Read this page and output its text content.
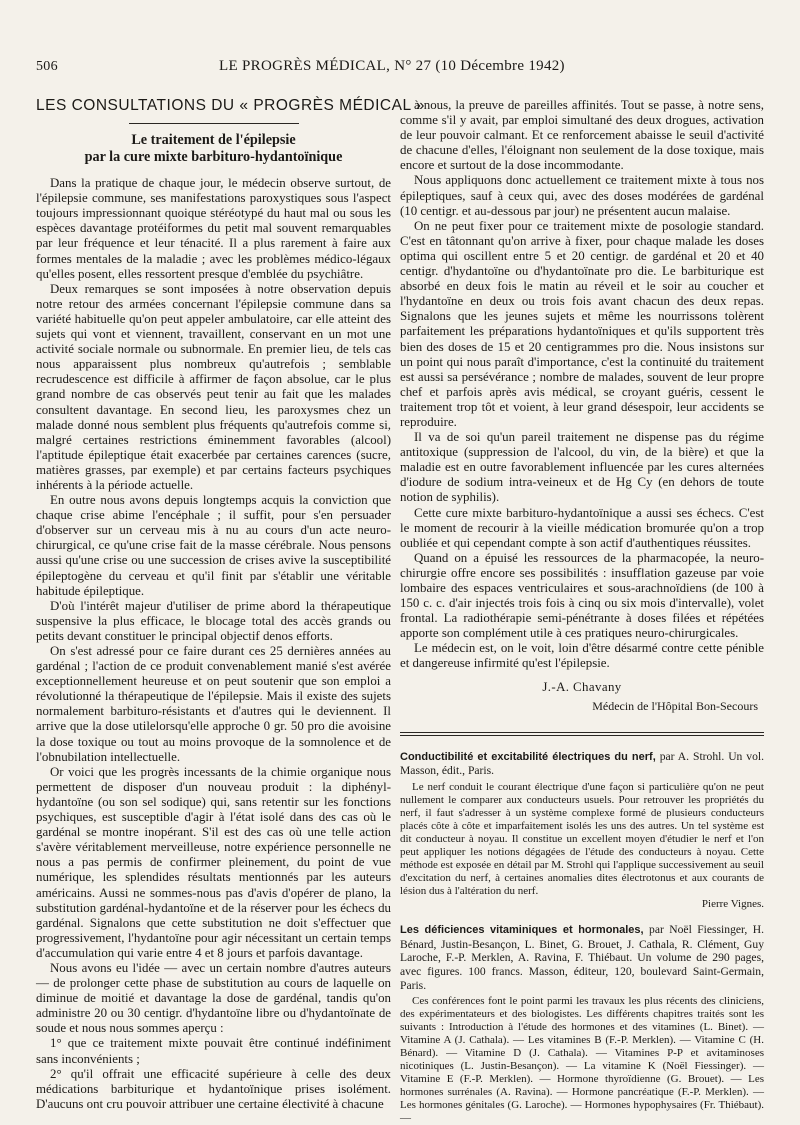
506	LE PROGRÈS MÉDICAL, N° 27 (10 Décembre 1942)
LES CONSULTATIONS DU « PROGRÈS MÉDICAL »
Le traitement de l'épilepsie
par la cure mixte barbituro-hydantoïnique

Dans la pratique de chaque jour, le médecin observe surtout, de l'épilepsie commune, ses manifestations paroxystiques sous l'aspect toujours impressionnant quoique stéréotypé du haut mal ou sous les espèces davantage protéiformes du petit mal souvent remarquables par leur fréquence et leur ténacité. Il a plus rarement à faire aux formes mentales de la maladie ; avec les problèmes médico-légaux qu'elles posent, elles ressortent presque d'emblée du psychiâtre.

Deux remarques se sont imposées à notre observation depuis notre retour des armées concernant l'épilepsie commune dans sa variété habituelle qu'on peut appeler ambulatoire, car elle atteint des sujets qui vont et viennent, travaillent, conservant en un mot une activité sociale normale ou subnormale. En premier lieu, de tels cas nous apparaissent plus nombreux qu'autrefois ; semblable recrudescence est difficile à affirmer de façon absolue, car le plus grand nombre de cas observés peut tenir au fait que les malades consultent davantage. En second lieu, les paroxysmes chez un malade donné nous semblent plus fréquents qu'autrefois comme si, malgré certaines restrictions éminemment favorables (alcool) l'aptitude épileptique était exacerbée par certaines carences (sucre, matières grasses, par exemple) et par certains facteurs psychiques inhérents à la période actuelle.

En outre nous avons depuis longtemps acquis la conviction que chaque crise abime l'encéphale ; il suffit, pour s'en persuader d'observer sur un cerveau mis à nu au cours d'un acte neuro-chirurgical, ce qu'une crise fait de la masse cérébrale. Nous pensons aussi qu'une crise ou une succession de crises avive la susceptibilité épileptogène du cerveau et qu'il finit par s'établir une véritable habitude épileptique.

D'où l'intérêt majeur d'utiliser de prime abord la thérapeutique suspensive la plus efficace, le blocage total des accès grands ou petits devant constituer le principal objectif denos efforts.

On s'est adressé pour ce faire durant ces 25 dernières années au gardénal ; l'action de ce produit convenablement manié s'est avérée exceptionnellement heureuse et on peut soutenir que son emploi a révolutionné la thérapeutique de l'épilepsie. Mais il existe des sujets normalement barbituro-résistants et d'autres qui le deviennent. Il arrive que la dose utilelorsqu'elle approche 0 gr. 50 pro die avoisine la dose toxique ou tout au moins provoque de la somnolence et de l'obnubilation intellectuelle.

Or voici que les progrès incessants de la chimie organique nous permettent de disposer d'un nouveau produit : la diphényl-hydantoïne (ou son sel sodique) qui, sans retentir sur les fonctions psychiques, est susceptible d'agir à l'état isolé dans des cas où le gardénal se montre inopérant. S'il est des cas où une telle action s'avère véritablement merveilleuse, notre expérience personnelle ne nous a pas permis de confirmer pleinement, du point de vue numérique, les splendides résultats mentionnés par les auteurs américains. Aussi ne sommes-nous pas d'avis d'opérer de plano, la substitution gardénal-hydantoïne et de la réserver pour les échecs du gardénal. Signalons que cette substitution ne doit s'effectuer que progressivement, l'hydantoïne pour agir nécessitant un certain temps d'accumulation qui varie entre 4 et 8 jours et parfois davantage.

Nous avons eu l'idée — avec un certain nombre d'autres auteurs — de prolonger cette phase de substitution au cours de laquelle on diminue de moitié et davantage la dose de gardénal, tandis qu'on administre 20 ou 30 centigr. d'hydantoïne libre ou d'hydantoïnate de soude et nous nous sommes aperçu :

1° que ce traitement mixte pouvait être continué indéfiniment sans inconvénients ;

2° qu'il offrait une efficacité supérieure à celle des deux médications barbiturique et hydantoïnique prises isolément. D'aucuns ont cru pouvoir attribuer une certaine électivité à chacune

à nous, la preuve de pareilles affinités. Tout se passe, à notre sens, comme s'il y avait, par emploi simultané des deux drogues, activation de leur pouvoir calmant. Et ce renforcement abaisse le seuil d'activité de chacune d'elles, l'éloignant non seulement de la dose toxique, mais encore et surtout de la dose incommodante.

Nous appliquons donc actuellement ce traitement mixte à tous nos épileptiques, sauf à ceux qui, avec des doses modérées de gardénal (10 centigr. et au-dessous par jour) ne présentent aucun malaise.

On ne peut fixer pour ce traitement mixte de posologie standard. C'est en tâtonnant qu'on arrive à fixer, pour chaque malade les doses optima qui oscillent entre 5 et 20 centigr. de gardénal et 20 et 40 centigr. d'hydantoïne ou d'hydantoïnate pro die. Le barbiturique est absorbé en deux fois le matin au réveil et le soir au coucher et l'hydantoïne en deux ou trois fois avant chacun des deux repas. Signalons que les jeunes sujets et même les nourrissons tolèrent parfaitement les préparations hydantoïniques et qu'ils supportent très bien des doses de 15 et 20 centigrammes pro die. Nous insistons sur un point qui nous paraît d'importance, c'est la continuité du traitement est aussi sa persévérance ; nombre de malades, souvent de leur propre chef et parfois après avis médical, se croyant guéris, cessent le traitement trop tôt et voient, à leur grand désespoir, leur accidents se reproduire.

Il va de soi qu'un pareil traitement ne dispense pas du régime antitoxique (suppression de l'alcool, du vin, de la bière) et que la maladie est en outre favorablement influencée par les cures alternées d'iodure de sodium intra-veineux et de Hg Cy (en dehors de toute notion de syphilis).

Cette cure mixte barbituro-hydantoïnique a aussi ses échecs. C'est le moment de recourir à la vieille médication bromurée qu'on a trop oubliée et qui cependant compte à son actif d'authentiques réussites.

Quand on a épuisé les ressources de la pharmacopée, la neuro-chirurgie offre encore ses possibilités : insufflation gazeuse par voie lombaire des espaces ventriculaires et sous-arachnoïdiens (de 100 à 150 c. c. d'air injectés trois fois à cinq ou six mois d'intervalle), volet frontal. La radiothérapie semi-pénétrante à doses filées et répétées apporte son complément utile à ces pratiques neuro-chirurgicales.

Le médecin est, on le voit, loin d'être désarmé contre cette pénible et dangereuse infirmité qu'est l'épilepsie.

J.-A. Chavany

Médecin de l'Hôpital Bon-Secours

Conductibilité et excitabilité électriques du nerf, par A. Strohl. Un vol. Masson, édit., Paris.

Le nerf conduit le courant électrique d'une façon si particulière qu'on ne peut nullement le comparer aux conducteurs usuels. Pour retrouver les propriétés du nerf, il faut s'adresser à un système complexe formé de plusieurs conducteurs placés côte à côte et imparfaitement isolés les uns des autres. Un tel système est dit conducteur à noyau. Il constitue un excellent moyen d'étudier le nerf et l'on peut appliquer les notions dégagées de l'étude des conducteurs à noyau. Cette méthode est exposée en détail par M. Strohl qui l'applique successivement au seuil d'excitation du nerf, à certaines anomalies dites électrotonus et aux courants de lésion dus à l'altération du nerf.

Pierre Vignes.

Les déficiences vitaminiques et hormonales, par Noël Fiessinger, H. Bénard, Justin-Besançon, L. Binet, G. Brouet, J. Cathala, R. Clément, Guy Laroche, F.-P. Merklen, A. Ravina, F. Thiébaut. Un volume de 290 pages, avec figures. 100 francs. Masson, éditeur, 120, boulevard Saint-Germain, Paris.

Ces conférences font le point parmi les travaux les plus récents des cliniciens, des expérimentateurs et des biologistes. Les différents chapitres traités sont les suivants : Introduction à l'étude des hormones et des vitamines (L. Binet). — Vitamine A (J. Cathala). — Les vitamines B (F.-P. Merklen). — Vitamine C (H. Bénard). — Vitamine D (J. Cathala). — Vitamines P-P et avitaminoses nicotiniques (L. Justin-Besançon). — La vitamine K (Noël Fiessinger). — Vitamine E (F.-P. Merklen). — Hormone thyroïdienne (G. Brouet). — Les hormones surrénales (A. Ravina). — Hormone pancréatique (F.-P. Merklen). — Les hormones génitales (G. Laroche). — Hormones hypophysaires (Fr. Thiébaut). —
